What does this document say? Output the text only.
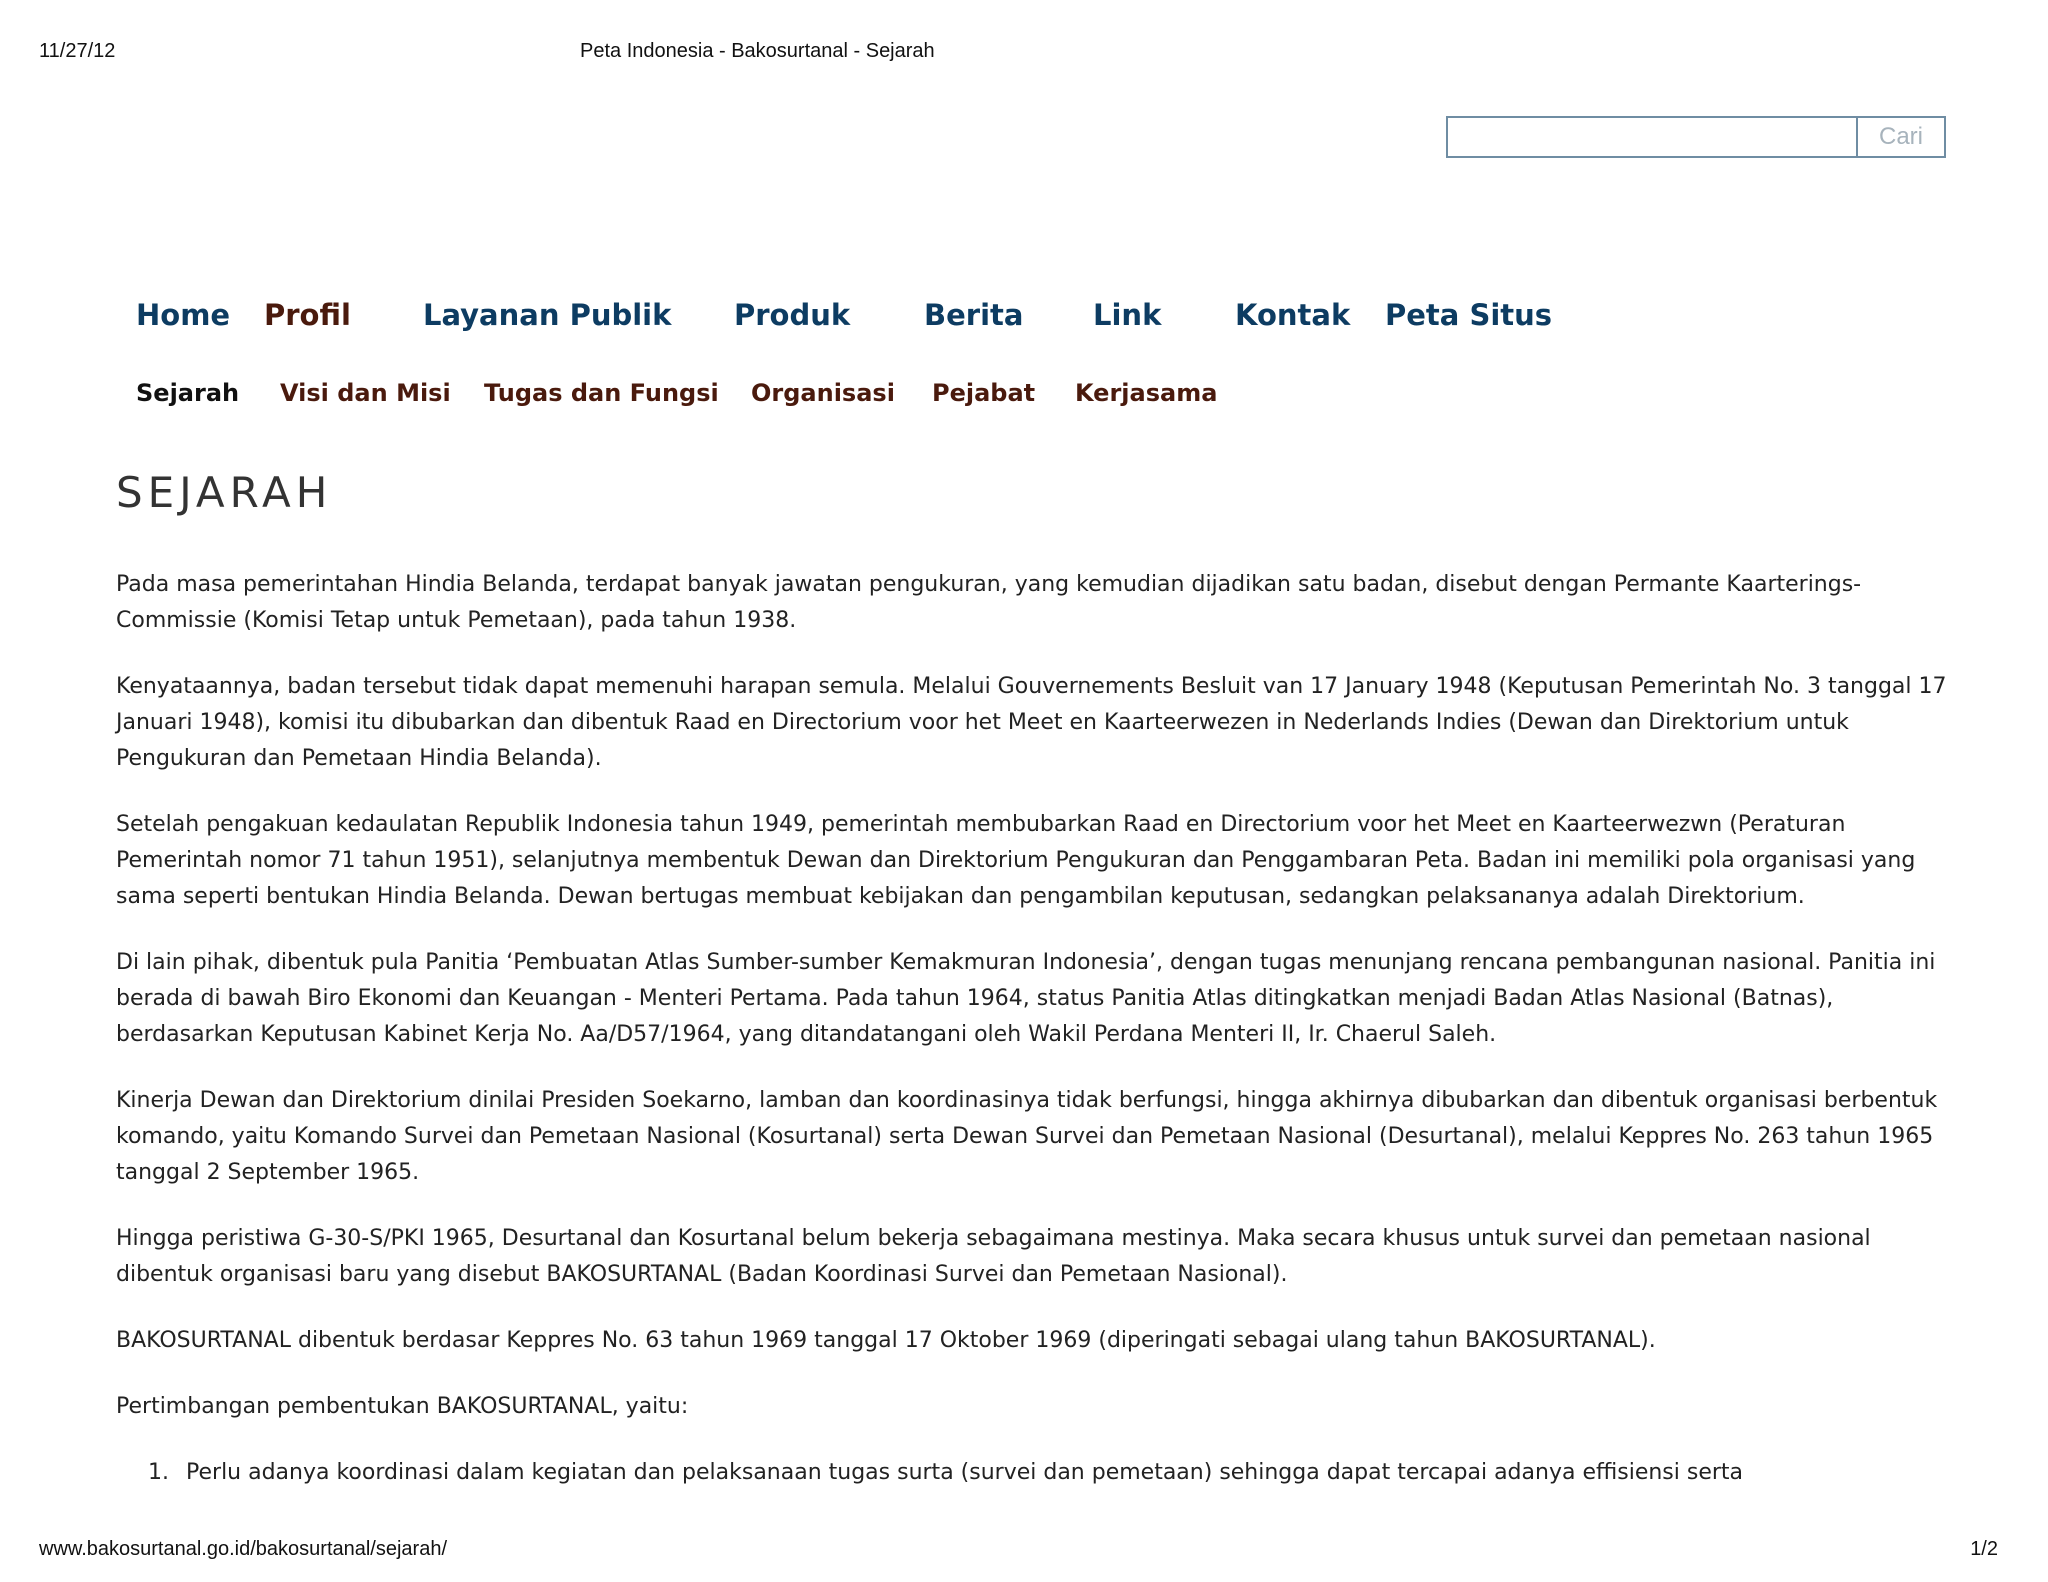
11/27/12	Peta Indonesia - Bakosurtanal - Sejarah
Cari
Home Profil Layanan Publik Produk	Berita Link	Kontak Peta Situs
Sejarah Visi dan Misi Tugas dan Fungsi Organisasi Pejabat Kerjasama
SEJARAH

Pada masa pemerintahan Hindia Belanda, terdapat banyak jawatan pengukuran, yang kemudian dijadikan satu badan, disebut dengan Permante Kaarterings-Commissie (Komisi Tetap untuk Pemetaan), pada tahun 1938.

Kenyataannya, badan tersebut tidak dapat memenuhi harapan semula. Melalui Gouvernements Besluit van 17 January 1948 (Keputusan Pemerintah No. 3 tanggal 17 Januari 1948), komisi itu dibubarkan dan dibentuk Raad en Directorium voor het Meet en Kaarteerwezen in Nederlands Indies (Dewan dan Direktorium untuk Pengukuran dan Pemetaan Hindia Belanda).

Setelah pengakuan kedaulatan Republik Indonesia tahun 1949, pemerintah membubarkan Raad en Directorium voor het Meet en Kaarteerwezwn (Peraturan Pemerintah nomor 71 tahun 1951), selanjutnya membentuk Dewan dan Direktorium Pengukuran dan Penggambaran Peta. Badan ini memiliki pola organisasi yang sama seperti bentukan Hindia Belanda. Dewan bertugas membuat kebijakan dan pengambilan keputusan, sedangkan pelaksananya adalah Direktorium.

Di lain pihak, dibentuk pula Panitia ‘Pembuatan Atlas Sumber-sumber Kemakmuran Indonesia’, dengan tugas menunjang rencana pembangunan nasional. Panitia ini berada di bawah Biro Ekonomi dan Keuangan - Menteri Pertama. Pada tahun 1964, status Panitia Atlas ditingkatkan menjadi Badan Atlas Nasional (Batnas), berdasarkan Keputusan Kabinet Kerja No. Aa/D57/1964, yang ditandatangani oleh Wakil Perdana Menteri II, Ir. Chaerul Saleh.

Kinerja Dewan dan Direktorium dinilai Presiden Soekarno, lamban dan koordinasinya tidak berfungsi, hingga akhirnya dibubarkan dan dibentuk organisasi berbentuk komando, yaitu Komando Survei dan Pemetaan Nasional (Kosurtanal) serta Dewan Survei dan Pemetaan Nasional (Desurtanal), melalui Keppres No. 263 tahun 1965 tanggal 2 September 1965.

Hingga peristiwa G-30-S/PKI 1965, Desurtanal dan Kosurtanal belum bekerja sebagaimana mestinya. Maka secara khusus untuk survei dan pemetaan nasional dibentuk organisasi baru yang disebut BAKOSURTANAL (Badan Koordinasi Survei dan Pemetaan Nasional).

BAKOSURTANAL dibentuk berdasar Keppres No. 63 tahun 1969 tanggal 17 Oktober 1969 (diperingati sebagai ulang tahun BAKOSURTANAL).

Pertimbangan pembentukan BAKOSURTANAL, yaitu:

1. Perlu adanya koordinasi dalam kegiatan dan pelaksanaan tugas surta (survei dan pemetaan) sehingga dapat tercapai adanya effisiensi serta
www.bakosurtanal.go.id/bakosurtanal/sejarah/	1/2
